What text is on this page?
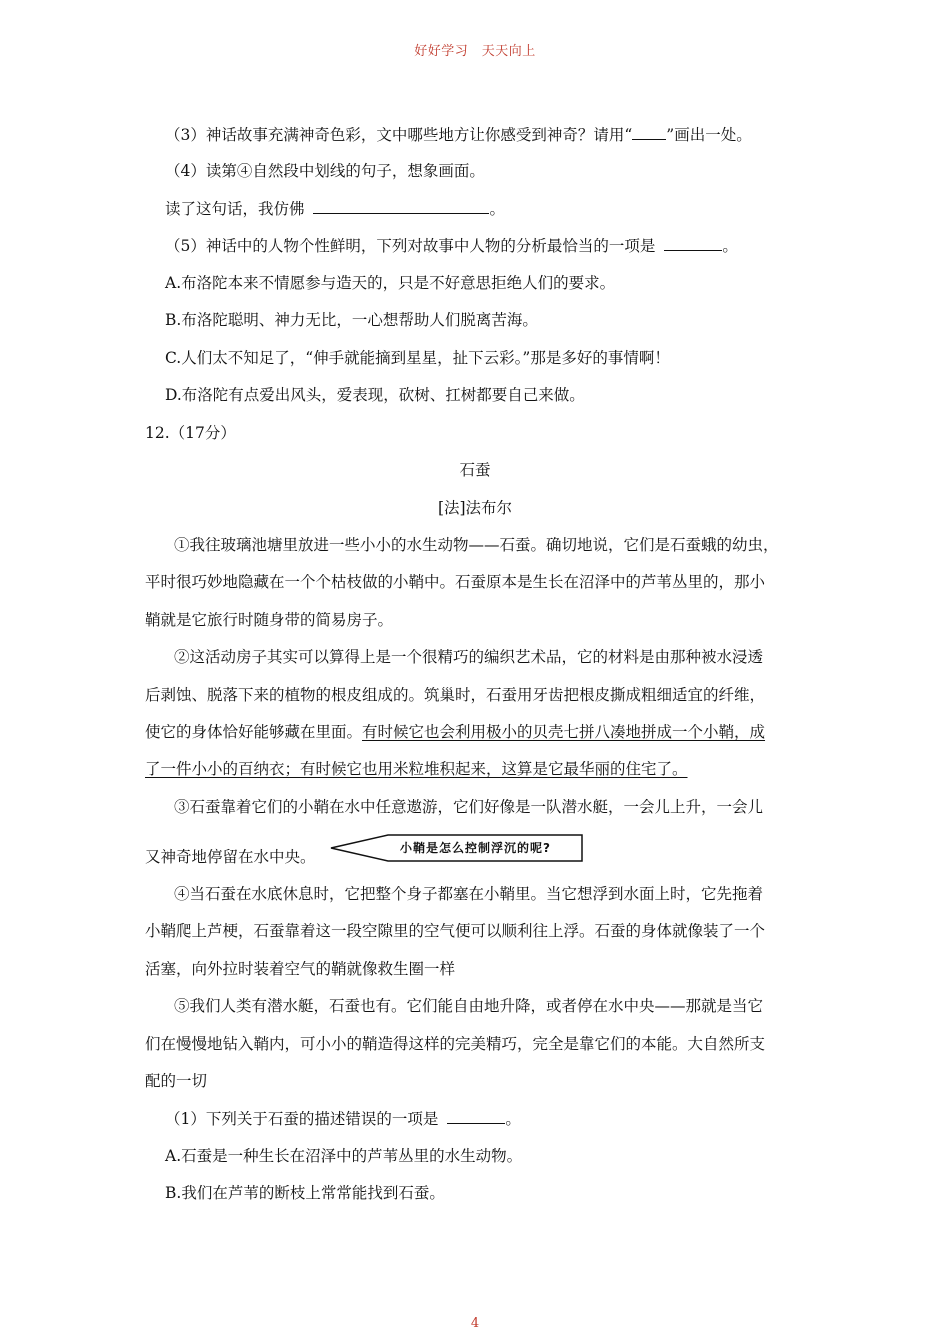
好好学习　天天向上
（3）神话故事充满神奇色彩，文中哪些地方让你感受到神奇？请用“ ”画出一处。
（4）读第④自然段中划线的句子，想象画面。
读了这句话，我仿佛	。
（5）神话中的人物个性鲜明，下列对故事中人物的分析最恰当的一项是	。
A.布洛陀本来不情愿参与造天的，只是不好意思拒绝人们的要求。
B.布洛陀聪明、神力无比，一心想帮助人们脱离苦海。
C.人们太不知足了，“伸手就能摘到星星，扯下云彩。”那是多好的事情啊！
D.布洛陀有点爱出风头，爱表现，砍树、扛树都要自己来做。
12.（17分）
石蚕
[法]法布尔
①我往玻璃池塘里放进一些小小的水生动物——石蚕。确切地说，它们是石蚕蛾的幼虫，
平时很巧妙地隐藏在一个个枯枝做的小鞘中。石蚕原本是生长在沼泽中的芦苇丛里的，那小
鞘就是它旅行时随身带的简易房子。
②这活动房子其实可以算得上是一个很精巧的编织艺术品，它的材料是由那种被水浸透
后剥蚀、脱落下来的植物的根皮组成的。筑巢时，石蚕用牙齿把根皮撕成粗细适宜的纤维，
使它的身体恰好能够藏在里面。有时候它也会利用极小的贝壳七拼八凑地拼成一个小鞘，成
了一件小小的百纳衣；有时候它也用米粒堆积起来，这算是它最华丽的住宅了。
③石蚕靠着它们的小鞘在水中任意遨游，它们好像是一队潜水艇，一会儿上升，一会儿
又神奇地停留在水中央。	小鞘是怎么控制浮沉的呢?
④当石蚕在水底休息时，它把整个身子都塞在小鞘里。当它想浮到水面上时，它先拖着
小鞘爬上芦梗，石蚕靠着这一段空隙里的空气便可以顺利往上浮。石蚕的身体就像装了一个
活塞，向外拉时装着空气的鞘就像救生圈一样
⑤我们人类有潜水艇，石蚕也有。它们能自由地升降，或者停在水中央——那就是当它
们在慢慢地钻入鞘内，可小小的鞘造得这样的完美精巧，完全是靠它们的本能。大自然所支
配的一切
（1）下列关于石蚕的描述错误的一项是	。
A.石蚕是一种生长在沼泽中的芦苇丛里的水生动物。
B.我们在芦苇的断枝上常常能找到石蚕。
4
